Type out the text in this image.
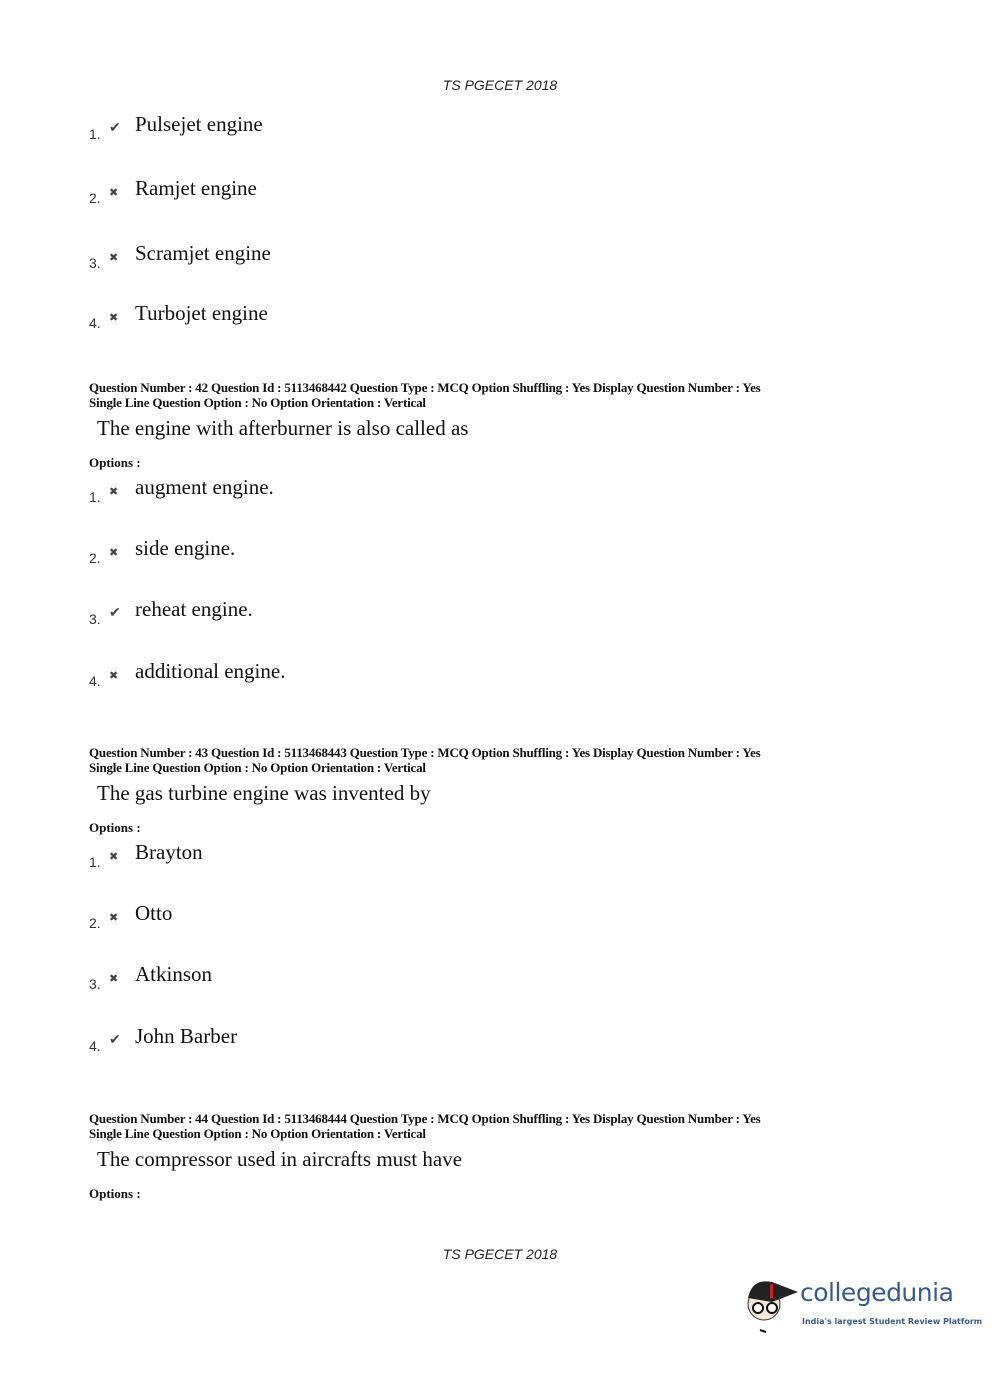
TS PGECET 2018
1. ✔ Pulsejet engine
2. ✖ Ramjet engine
3. ✖ Scramjet engine
4. ✖ Turbojet engine
Question Number : 42 Question Id : 5113468442 Question Type : MCQ Option Shuffling : Yes Display Question Number : Yes
Single Line Question Option : No Option Orientation : Vertical
The engine with afterburner is also called as
Options :
1. ✖ augment engine.
2. ✖ side engine.
3. ✔ reheat engine.
4. ✖ additional engine.
Question Number : 43 Question Id : 5113468443 Question Type : MCQ Option Shuffling : Yes Display Question Number : Yes
Single Line Question Option : No Option Orientation : Vertical
The gas turbine engine was invented by
Options :
1. ✖ Brayton
2. ✖ Otto
3. ✖ Atkinson
4. ✔ John Barber
Question Number : 44 Question Id : 5113468444 Question Type : MCQ Option Shuffling : Yes Display Question Number : Yes
Single Line Question Option : No Option Orientation : Vertical
The compressor used in aircrafts must have
Options :
TS PGECET 2018
collegedunia
India's largest Student Review Platform
